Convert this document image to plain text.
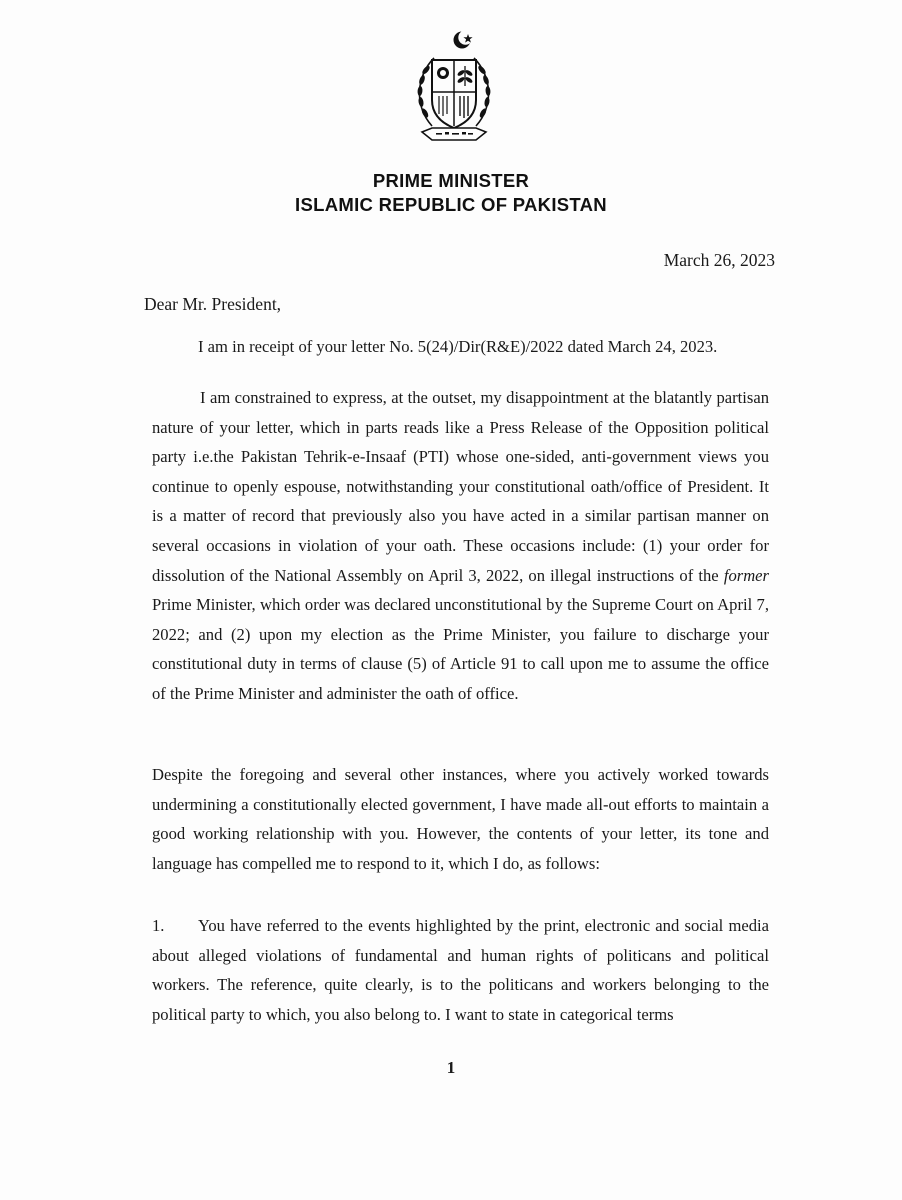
PRIME MINISTER
ISLAMIC REPUBLIC OF PAKISTAN
March 26, 2023
Dear Mr. President,
I am in receipt of your letter No. 5(24)/Dir(R&E)/2022 dated March 24, 2023.
I am constrained to express, at the outset, my disappointment at the blatantly partisan nature of your letter, which in parts reads like a Press Release of the Opposition political party i.e.the Pakistan Tehrik-e-Insaaf (PTI) whose one-sided, anti-government views you continue to openly espouse, notwithstanding your constitutional oath/office of President. It is a matter of record that previously also you have acted in a similar partisan manner on several occasions in violation of your oath. These occasions include: (1) your order for dissolution of the National Assembly on April 3, 2022, on illegal instructions of the former Prime Minister, which order was declared unconstitutional by the Supreme Court on April 7, 2022; and (2) upon my election as the Prime Minister, you failure to discharge your constitutional duty in terms of clause (5) of Article 91 to call upon me to assume the office of the Prime Minister and administer the oath of office.
Despite the foregoing and several other instances, where you actively worked towards undermining a constitutionally elected government, I have made all-out efforts to maintain a good working relationship with you. However, the contents of your letter, its tone and language has compelled me to respond to it, which I do, as follows:
1. You have referred to the events highlighted by the print, electronic and social media about alleged violations of fundamental and human rights of politicans and political workers. The reference, quite clearly, is to the politicans and workers belonging to the political party to which, you also belong to. I want to state in categorical terms
1
